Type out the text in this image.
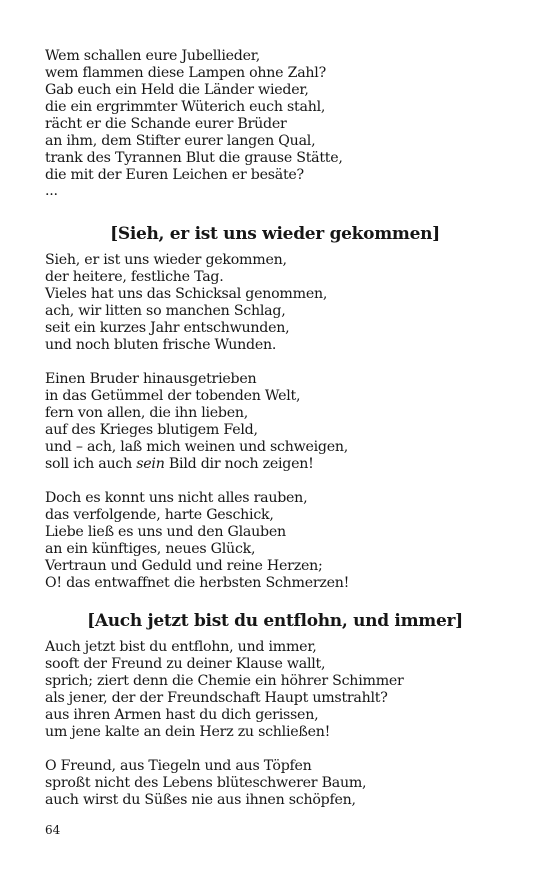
Wem schallen eure Jubellieder,
wem flammen diese Lampen ohne Zahl?
Gab euch ein Held die Länder wieder,
die ein ergrimmter Wüterich euch stahl,
rächt er die Schande eurer Brüder
an ihm, dem Stifter eurer langen Qual,
trank des Tyrannen Blut die grause Stätte,
die mit der Euren Leichen er besäte?
...
[Sieh, er ist uns wieder gekommen]
Sieh, er ist uns wieder gekommen,
der heitere, festliche Tag.
Vieles hat uns das Schicksal genommen,
ach, wir litten so manchen Schlag,
seit ein kurzes Jahr entschwunden,
und noch bluten frische Wunden.
Einen Bruder hinausgetrieben
in das Getümmel der tobenden Welt,
fern von allen, die ihn lieben,
auf des Krieges blutigem Feld,
und – ach, laß mich weinen und schweigen,
soll ich auch sein Bild dir noch zeigen!
Doch es konnt uns nicht alles rauben,
das verfolgende, harte Geschick,
Liebe ließ es uns und den Glauben
an ein künftiges, neues Glück,
Vertraun und Geduld und reine Herzen;
O! das entwaffnet die herbsten Schmerzen!
[Auch jetzt bist du entflohn, und immer]
Auch jetzt bist du entflohn, und immer,
sooft der Freund zu deiner Klause wallt,
sprich; ziert denn die Chemie ein höhrer Schimmer
als jener, der der Freundschaft Haupt umstrahlt?
aus ihren Armen hast du dich gerissen,
um jene kalte an dein Herz zu schließen!
O Freund, aus Tiegeln und aus Töpfen
sproßt nicht des Lebens blüteschwerer Baum,
auch wirst du Süßes nie aus ihnen schöpfen,
64
